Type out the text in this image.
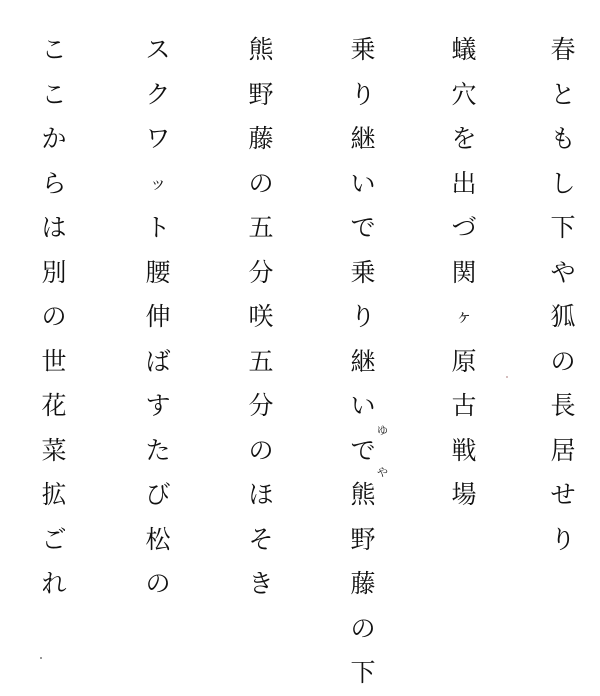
春
と
も
し
下
や
狐
の
長
居
せ
り
蟻
穴
を
出
づ
関
ヶ
原
古
戦
場
乗
り
継
い
で
乗
り
継
い
で
熊
野
藤
の
下
ゆ
や
熊
野
藤
の
五
分
咲
五
分
の
ほ
そ
き
ス
ク
ワ
ッ
ト
腰
伸
ば
す
た
び
松
の
こ
こ
か
ら
は
別
の
世
花
菜
拡
ご
れ
